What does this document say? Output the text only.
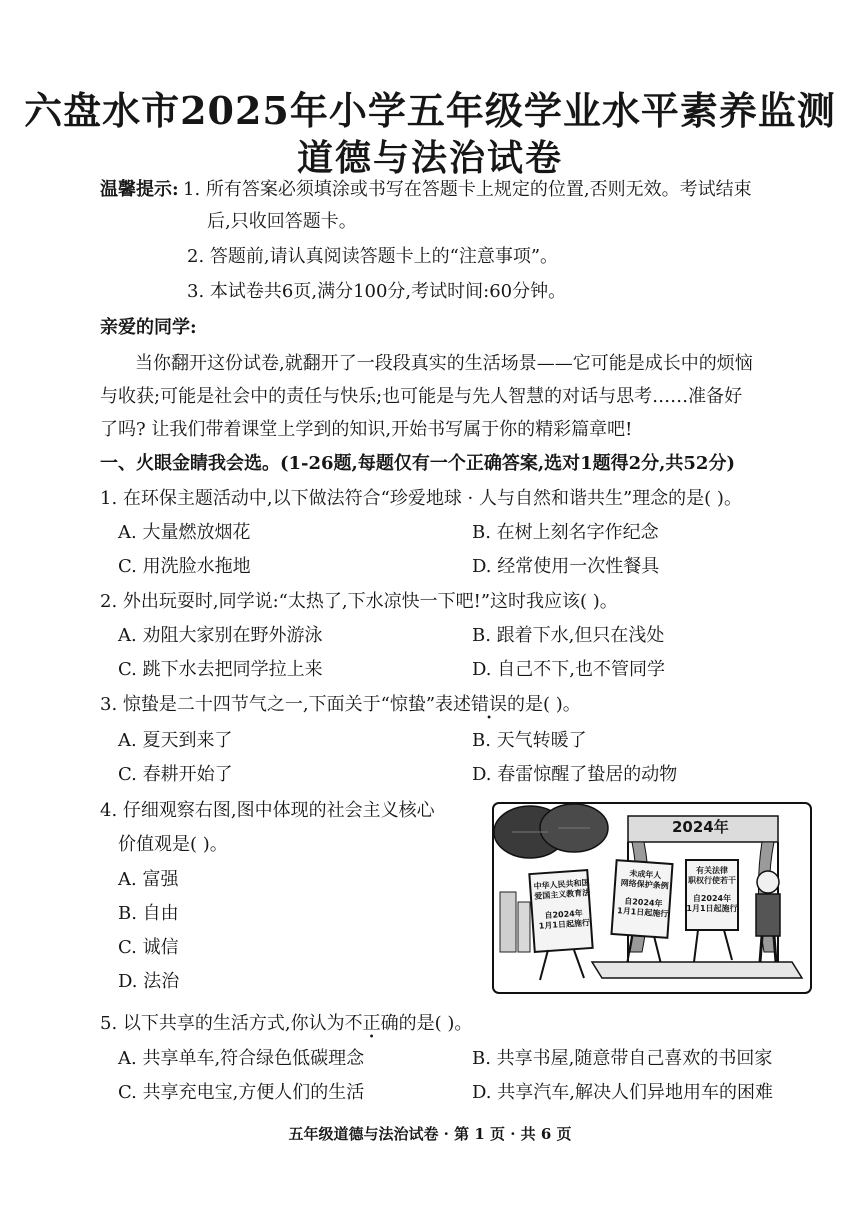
六盘水市2025年小学五年级学业水平素养监测
道德与法治试卷
温馨提示: 1. 所有答案必须填涂或书写在答题卡上规定的位置,否则无效。考试结束
后,只收回答题卡。
2. 答题前,请认真阅读答题卡上的“注意事项”。
3. 本试卷共6页,满分100分,考试时间:60分钟。
亲爱的同学:
当你翻开这份试卷,就翻开了一段段真实的生活场景——它可能是成长中的烦恼
与收获;可能是社会中的责任与快乐;也可能是与先人智慧的对话与思考……准备好
了吗? 让我们带着课堂上学到的知识,开始书写属于你的精彩篇章吧!
一、火眼金睛我会选。(1-26题,每题仅有一个正确答案,选对1题得2分,共52分)
1. 在环保主题活动中,以下做法符合“珍爱地球 · 人与自然和谐共生”理念的是( )。
A. 大量燃放烟花	B. 在树上刻名字作纪念
C. 用洗脸水拖地	D. 经常使用一次性餐具
2. 外出玩耍时,同学说:“太热了,下水凉快一下吧!”这时我应该( )。
A. 劝阻大家别在野外游泳	B. 跟着下水,但只在浅处
C. 跳下水去把同学拉上来	D. 自己不下,也不管同学
3. 惊蛰是二十四节气之一,下面关于“惊蛰”表述错误的是( )。
A. 夏天到来了	B. 天气转暖了
C. 春耕开始了	D. 春雷惊醒了蛰居的动物
4. 仔细观察右图,图中体现的社会主义核心
价值观是( )。
A. 富强
B. 自由
C. 诚信
D. 法治
2024年
中华人民共和国
爱国主义教育法
自2024年
1月1日起施行
未成年人
网络保护条例
自2024年
1月1日起施行
有关法律
职权行使若干
自2024年
1月1日起施行
5. 以下共享的生活方式,你认为不正确的是( )。
A. 共享单车,符合绿色低碳理念	B. 共享书屋,随意带自己喜欢的书回家
C. 共享充电宝,方便人们的生活	D. 共享汽车,解决人们异地用车的困难
五年级道德与法治试卷 · 第 1 页 · 共 6 页
